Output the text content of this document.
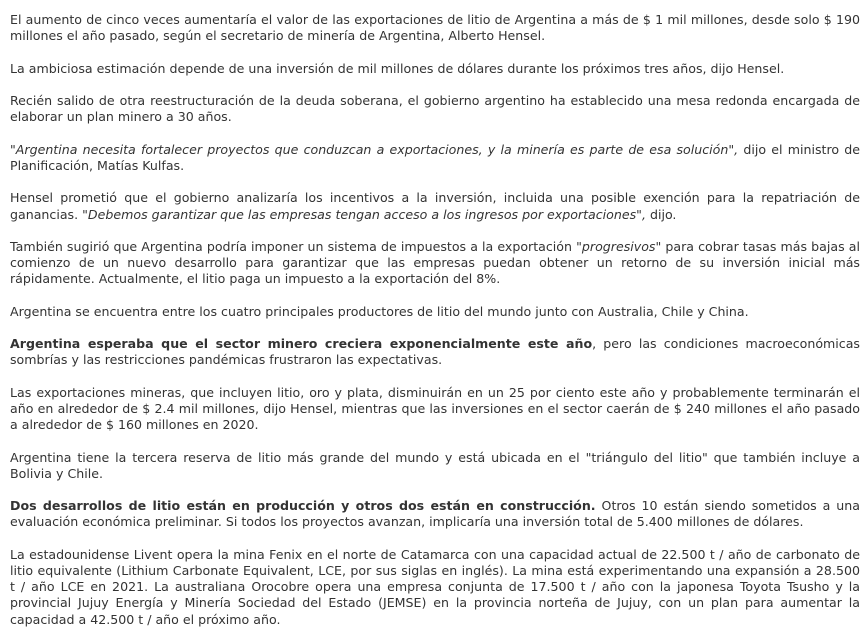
El aumento de cinco veces aumentaría el valor de las exportaciones de litio de Argentina a más de $ 1 mil millones, desde solo $ 190 millones el año pasado, según el secretario de minería de Argentina, Alberto Hensel.

La ambiciosa estimación depende de una inversión de mil millones de dólares durante los próximos tres años, dijo Hensel.

Recién salido de otra reestructuración de la deuda soberana, el gobierno argentino ha establecido una mesa redonda encargada de elaborar un plan minero a 30 años.

"Argentina necesita fortalecer proyectos que conduzcan a exportaciones, y la minería es parte de esa solución", dijo el ministro de Planificación, Matías Kulfas.

Hensel prometió que el gobierno analizaría los incentivos a la inversión, incluida una posible exención para la repatriación de ganancias. "Debemos garantizar que las empresas tengan acceso a los ingresos por exportaciones", dijo.

También sugirió que Argentina podría imponer un sistema de impuestos a la exportación "progresivos" para cobrar tasas más bajas al comienzo de un nuevo desarrollo para garantizar que las empresas puedan obtener un retorno de su inversión inicial más rápidamente. Actualmente, el litio paga un impuesto a la exportación del 8%.

Argentina se encuentra entre los cuatro principales productores de litio del mundo junto con Australia, Chile y China.

Argentina esperaba que el sector minero creciera exponencialmente este año, pero las condiciones macroeconómicas sombrías y las restricciones pandémicas frustraron las expectativas.

Las exportaciones mineras, que incluyen litio, oro y plata, disminuirán en un 25 por ciento este año y probablemente terminarán el año en alrededor de $ 2.4 mil millones, dijo Hensel, mientras que las inversiones en el sector caerán de $ 240 millones el año pasado a alrededor de $ 160 millones en 2020.

Argentina tiene la tercera reserva de litio más grande del mundo y está ubicada en el "triángulo del litio" que también incluye a Bolivia y Chile.

Dos desarrollos de litio están en producción y otros dos están en construcción. Otros 10 están siendo sometidos a una evaluación económica preliminar. Si todos los proyectos avanzan, implicaría una inversión total de 5.400 millones de dólares.

La estadounidense Livent opera la mina Fenix en el norte de Catamarca con una capacidad actual de 22.500 t / año de carbonato de litio equivalente (Lithium Carbonate Equivalent, LCE, por sus siglas en inglés). La mina está experimentando una expansión a 28.500 t / año LCE en 2021. La australiana Orocobre opera una empresa conjunta de 17.500 t / año con la japonesa Toyota Tsusho y la provincial Jujuy Energía y Minería Sociedad del Estado (JEMSE) en la provincia norteña de Jujuy, con un plan para aumentar la capacidad a 42.500 t / año el próximo año.
